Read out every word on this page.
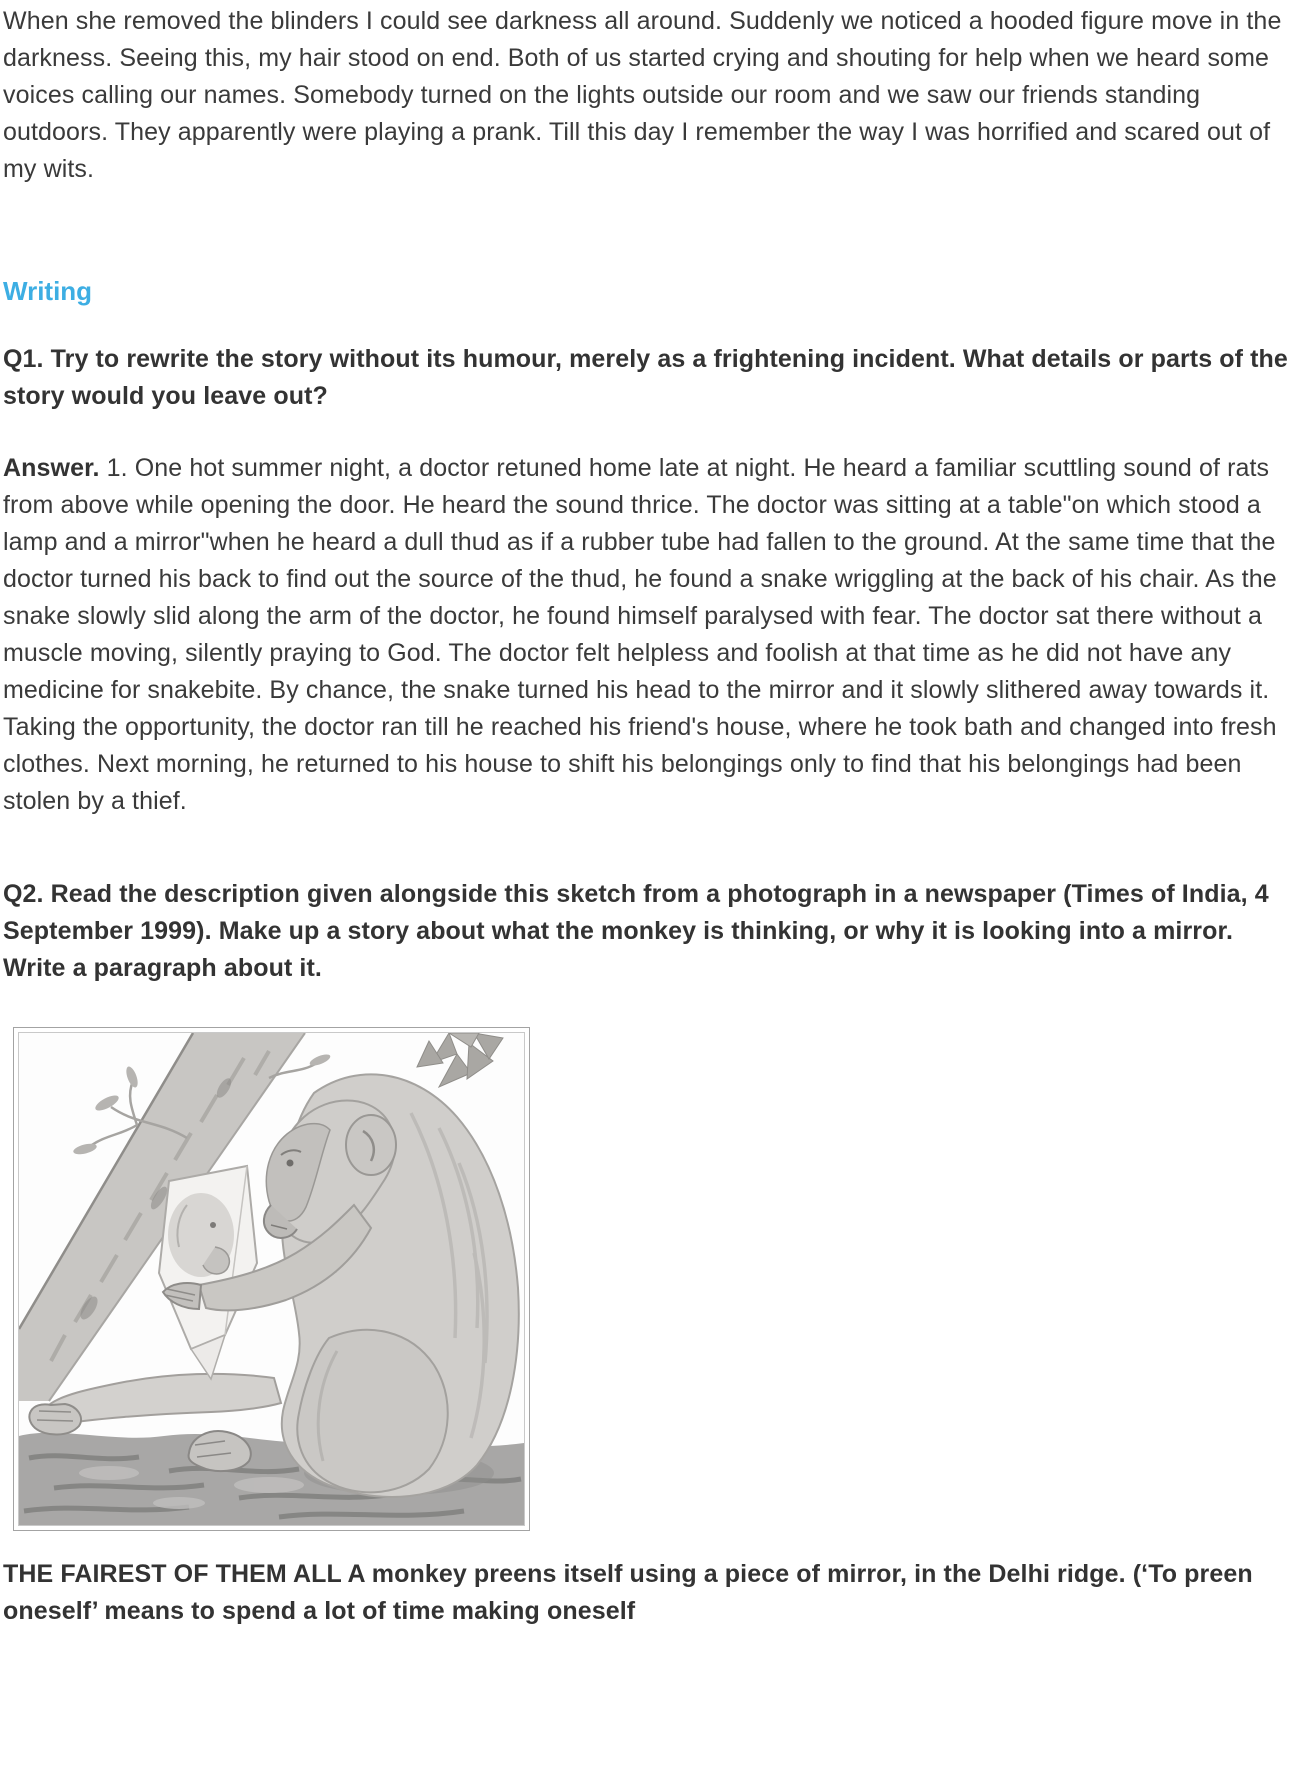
When she removed the blinders I could see darkness all around. Suddenly we noticed a hooded figure move in the darkness. Seeing this, my hair stood on end. Both of us started crying and shouting for help when we heard some voices calling our names. Somebody turned on the lights outside our room and we saw our friends standing outdoors. They apparently were playing a prank. Till this day I remember the way I was horrified and scared out of my wits.

Writing

Q1. Try to rewrite the story without its humour, merely as a frightening incident. What details or parts of the story would you leave out?

Answer. 1. One hot summer night, a doctor retuned home late at night. He heard a familiar scuttling sound of rats from above while opening the door. He heard the sound thrice. The doctor was sitting at a table"on which stood a lamp and a mirror"when he heard a dull thud as if a rubber tube had fallen to the ground. At the same time that the doctor turned his back to find out the source of the thud, he found a snake wriggling at the back of his chair. As the snake slowly slid along the arm of the doctor, he found himself paralysed with fear. The doctor sat there without a muscle moving, silently praying to God. The doctor felt helpless and foolish at that time as he did not have any medicine for snakebite. By chance, the snake turned his head to the mirror and it slowly slithered away towards it. Taking the opportunity, the doctor ran till he reached his friend's house, where he took bath and changed into fresh clothes. Next morning, he returned to his house to shift his belongings only to find that his belongings had been stolen by a thief.

Q2. Read the description given alongside this sketch from a photograph in a newspaper (Times of India, 4 September 1999). Make up a story about what the monkey is thinking, or why it is looking into a mirror. Write a paragraph about it.

THE FAIREST OF THEM ALL A monkey preens itself using a piece of mirror, in the Delhi ridge. (‘To preen oneself’ means to spend a lot of time making oneself
